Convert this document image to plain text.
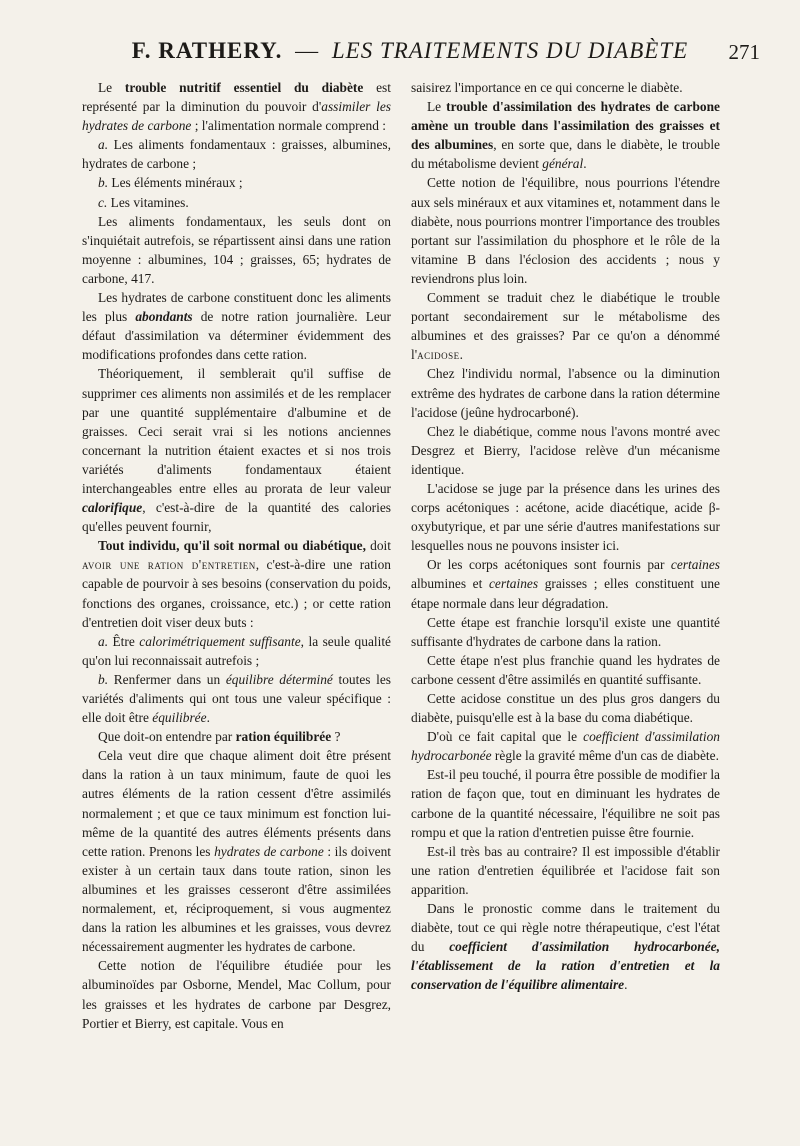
F. RATHERY. — LES TRAITEMENTS DU DIABÈTE	271

Le trouble nutritif essentiel du diabète est représenté par la diminution du pouvoir d'assimiler les hydrates de carbone ; l'alimentation normale comprend :

a. Les aliments fondamentaux : graisses, albumines, hydrates de carbone ;

b. Les éléments minéraux ;

c. Les vitamines.

Les aliments fondamentaux, les seuls dont on s'inquiétait autrefois, se répartissent ainsi dans une ration moyenne : albumines, 104 ; graisses, 65; hydrates de carbone, 417.

Les hydrates de carbone constituent donc les aliments les plus abondants de notre ration journalière. Leur défaut d'assimilation va déterminer évidemment des modifications profondes dans cette ration.

Théoriquement, il semblerait qu'il suffise de supprimer ces aliments non assimilés et de les remplacer par une quantité supplémentaire d'albumine et de graisses. Ceci serait vrai si les notions anciennes concernant la nutrition étaient exactes et si nos trois variétés d'aliments fondamentaux étaient interchangeables entre elles au prorata de leur valeur calorifique, c'est-à-dire de la quantité des calories qu'elles peuvent fournir,

Tout individu, qu'il soit normal ou diabétique, doit avoir une ration d'entretien, c'est-à-dire une ration capable de pourvoir à ses besoins (conservation du poids, fonctions des organes, croissance, etc.) ; or cette ration d'entretien doit viser deux buts :

a. Être calorimétriquement suffisante, la seule qualité qu'on lui reconnaissait autrefois ;

b. Renfermer dans un équilibre déterminé toutes les variétés d'aliments qui ont tous une valeur spécifique : elle doit être équilibrée.

Que doit-on entendre par ration équilibrée ?

Cela veut dire que chaque aliment doit être présent dans la ration à un taux minimum, faute de quoi les autres éléments de la ration cessent d'être assimilés normalement ; et que ce taux minimum est fonction lui-même de la quantité des autres éléments présents dans cette ration. Prenons les hydrates de carbone : ils doivent exister à un certain taux dans toute ration, sinon les albumines et les graisses cesseront d'être assimilées normalement, et, réciproquement, si vous augmentez dans la ration les albumines et les graisses, vous devrez nécessairement augmenter les hydrates de carbone.

Cette notion de l'équilibre étudiée pour les albuminoïdes par Osborne, Mendel, Mac Collum, pour les graisses et les hydrates de carbone par Desgrez, Portier et Bierry, est capitale. Vous en

saisirez l'importance en ce qui concerne le diabète.

Le trouble d'assimilation des hydrates de carbone amène un trouble dans l'assimilation des graisses et des albumines, en sorte que, dans le diabète, le trouble du métabolisme devient général.

Cette notion de l'équilibre, nous pourrions l'étendre aux sels minéraux et aux vitamines et, notamment dans le diabète, nous pourrions montrer l'importance des troubles portant sur l'assimilation du phosphore et le rôle de la vitamine B dans l'éclosion des accidents ; nous y reviendrons plus loin.

Comment se traduit chez le diabétique le trouble portant secondairement sur le métabolisme des albumines et des graisses? Par ce qu'on a dénommé l'acidose.

Chez l'individu normal, l'absence ou la diminution extrême des hydrates de carbone dans la ration détermine l'acidose (jeûne hydrocarboné).

Chez le diabétique, comme nous l'avons montré avec Desgrez et Bierry, l'acidose relève d'un mécanisme identique.

L'acidose se juge par la présence dans les urines des corps acétoniques : acétone, acide diacétique, acide β-oxybutyrique, et par une série d'autres manifestations sur lesquelles nous ne pouvons insister ici.

Or les corps acétoniques sont fournis par certaines albumines et certaines graisses ; elles constituent une étape normale dans leur dégradation.

Cette étape est franchie lorsqu'il existe une quantité suffisante d'hydrates de carbone dans la ration.

Cette étape n'est plus franchie quand les hydrates de carbone cessent d'être assimilés en quantité suffisante.

Cette acidose constitue un des plus gros dangers du diabète, puisqu'elle est à la base du coma diabétique.

D'où ce fait capital que le coefficient d'assimilation hydrocarbonée règle la gravité même d'un cas de diabète.

Est-il peu touché, il pourra être possible de modifier la ration de façon que, tout en diminuant les hydrates de carbone de la quantité nécessaire, l'équilibre ne soit pas rompu et que la ration d'entretien puisse être fournie.

Est-il très bas au contraire? Il est impossible d'établir une ration d'entretien équilibrée et l'acidose fait son apparition.

Dans le pronostic comme dans le traitement du diabète, tout ce qui règle notre thérapeutique, c'est l'état du coefficient d'assimilation hydrocarbonée, l'établissement de la ration d'entretien et la conservation de l'équilibre alimentaire.
